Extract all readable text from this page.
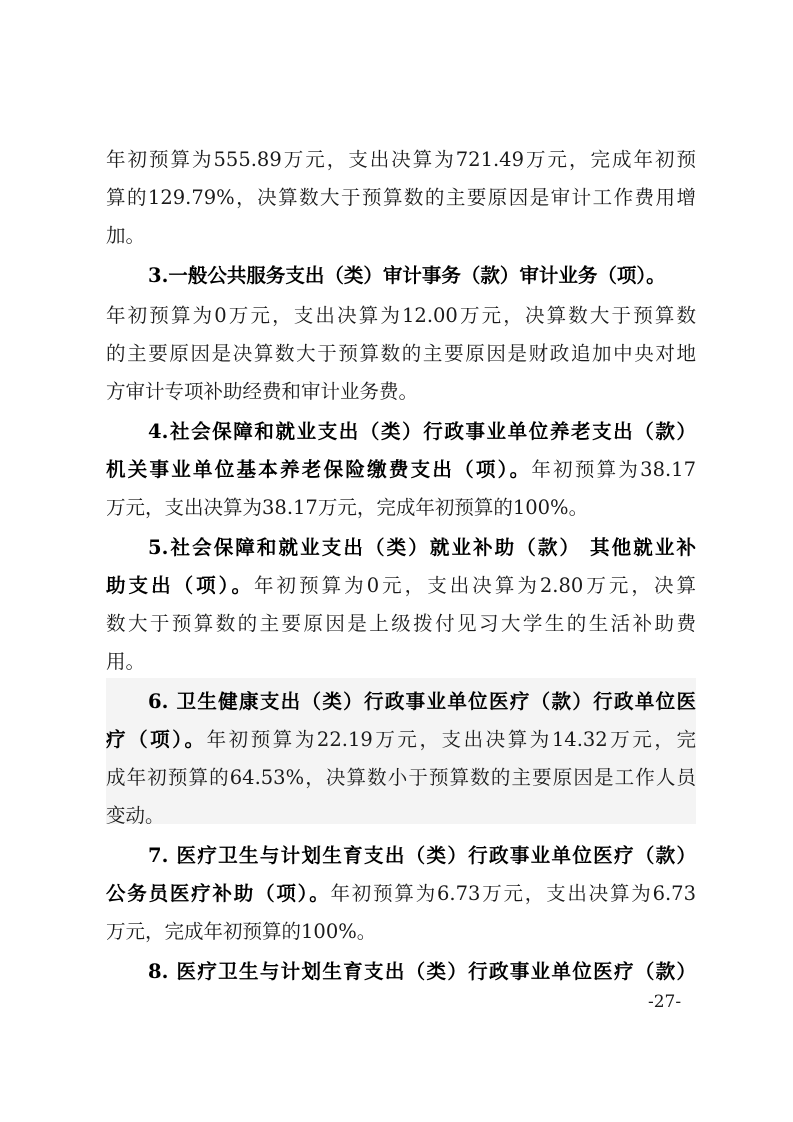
年初预算为555.89万元，支出决算为721.49万元，完成年初预
算的129.79%，决算数大于预算数的主要原因是审计工作费用增
加。
3.一般公共服务支出（类）审计事务（款）审计业务（项）。
年初预算为0万元，支出决算为12.00万元，决算数大于预算数
的主要原因是决算数大于预算数的主要原因是财政追加中央对地
方审计专项补助经费和审计业务费。
4.社会保障和就业支出（类）行政事业单位养老支出（款）
机关事业单位基本养老保险缴费支出（项）。年初预算为38.17
万元，支出决算为38.17万元，完成年初预算的100%。
5.社会保障和就业支出（类）就业补助（款） 其他就业补
助支出（项）。年初预算为0元，支出决算为2.80万元，决算
数大于预算数的主要原因是上级拨付见习大学生的生活补助费
用。
6. 卫生健康支出（类）行政事业单位医疗（款）行政单位医
疗（项）。年初预算为22.19万元，支出决算为14.32万元，完
成年初预算的64.53%，决算数小于预算数的主要原因是工作人员
变动。
7. 医疗卫生与计划生育支出（类）行政事业单位医疗（款）
公务员医疗补助（项）。年初预算为6.73万元，支出决算为6.73
万元，完成年初预算的100%。
8. 医疗卫生与计划生育支出（类）行政事业单位医疗（款）
-27-
